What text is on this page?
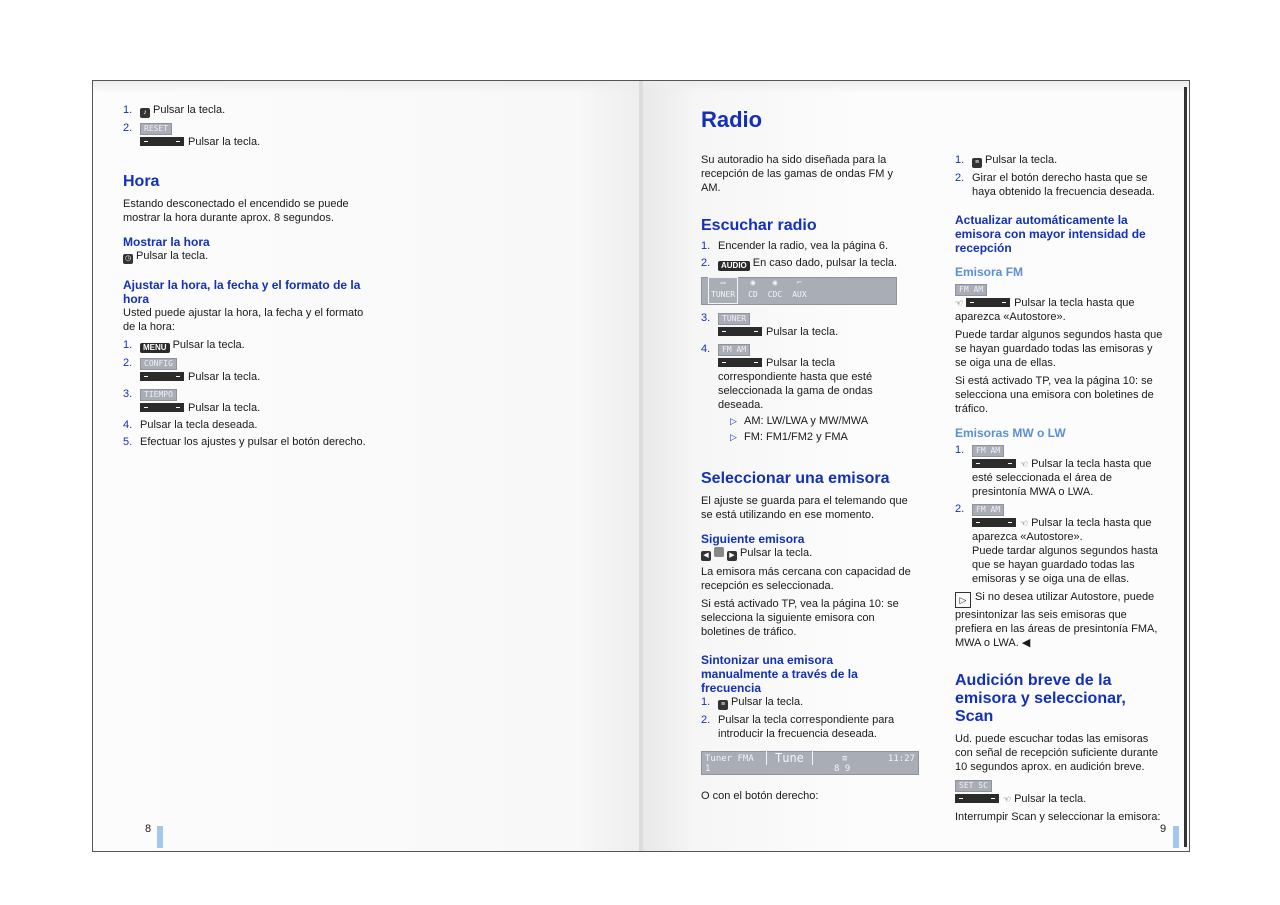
1. ♪ Pulsar la tecla.
2. RESET
Pulsar la tecla.
Hora

Estando desconectado el encendido se puede mostrar la hora durante aprox. 8 segundos.

Mostrar la hora

◷ Pulsar la tecla.

Ajustar la hora, la fecha y el formato de la hora

Usted puede ajustar la hora, la fecha y el formato de la hora:

1. MENU Pulsar la tecla.
2. CONFIG
Pulsar la tecla.
3. TIEMPO
Pulsar la tecla.
4. Pulsar la tecla deseada.
5. Efectuar los ajustes y pulsar el botón derecho.
8
Radio

Su autoradio ha sido diseñada para la recepción de las gamas de ondas FM y AM.

Escuchar radio
1. Encender la radio, vea la página 6.
2. AUDIO En caso dado, pulsar la tecla.
▭
TUNER
◉
CD
◉
CDC
⌐
AUX
3. TUNER
Pulsar la tecla.
4. FM AM
Pulsar la tecla correspondiente hasta que esté seleccionada la gama de ondas deseada.
▷ AM: LW/LWA y MW/MWA
▷ FM: FM1/FM2 y FMA
Seleccionar una emisora

El ajuste se guarda para el telemando que se está utilizando en ese momento.

Siguiente emisora

◀	▶ Pulsar la tecla.

La emisora más cercana con capacidad de recepción es seleccionada.

Si está activado TP, vea la página 10: se selecciona la siguiente emisora con boletines de tráfico.

Sintonizar una emisora manualmente a través de la frecuencia
1. ≡ Pulsar la tecla.
2. Pulsar la tecla correspondiente para introducir la frecuencia deseada.
Tuner FMA	Tune	≡	11:27
1	8 9

O con el botón derecho:

1. ≡ Pulsar la tecla.
2. Girar el botón derecho hasta que se haya obtenido la frecuencia deseada.
Actualizar automáticamente la emisora con mayor intensidad de recepción
Emisora FM

FM AM

☜	Pulsar la tecla hasta que aparezca «Autostore».

Puede tardar algunos segundos hasta que se hayan guardado todas las emisoras y se oiga una de ellas.

Si está activado TP, vea la página 10: se selecciona una emisora con boletines de tráfico.

Emisoras MW o LW
1. FM AM
☜ Pulsar la tecla hasta que esté seleccionada el área de presintonía MWA o LWA.
2. FM AM
☜ Pulsar la tecla hasta que aparezca «Autostore».
Puede tardar algunos segundos hasta que se hayan guardado todas las emisoras y se oiga una de ellas.

▷ Si no desea utilizar Autostore, puede presintonizar las seis emisoras que prefiera en las áreas de presintonía FMA, MWA o LWA. ◀

Audición breve de la emisora y seleccionar, Scan

Ud. puede escuchar todas las emisoras con señal de recepción suficiente durante 10 segundos aprox. en audición breve.

SET SC

☜ Pulsar la tecla.

Interrumpir Scan y seleccionar la emisora:

9
